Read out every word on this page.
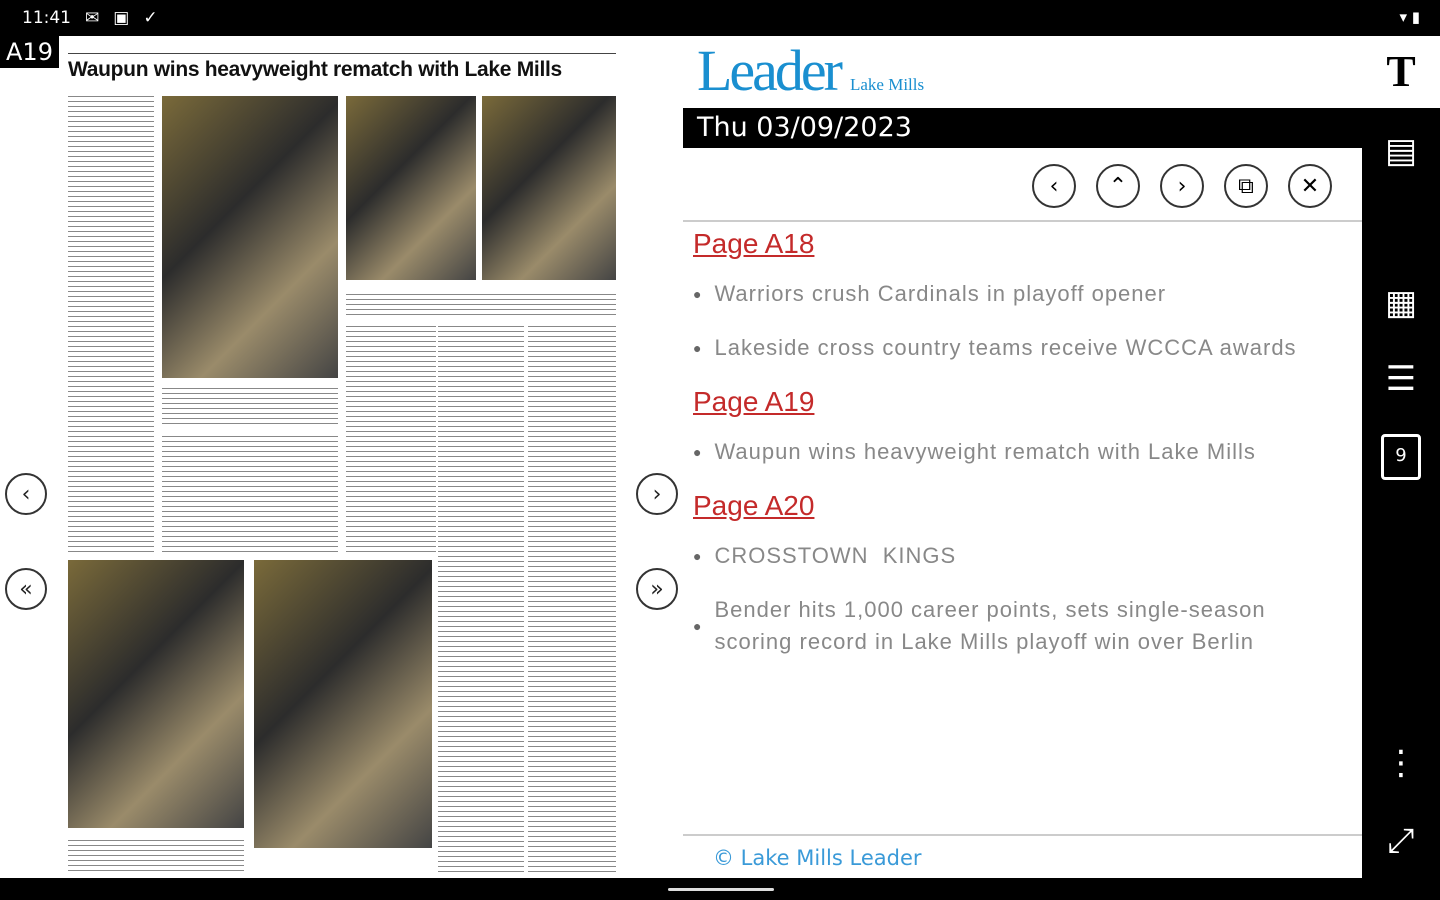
11:41 ✉ ▣ ✓	▾ ▮
A19
Waupun wins heavyweight rematch with Lake Mills
‹
«
›
»
Leader Lake Mills
Thu 03/09/2023
‹	⌃	›	⧉	✕
Page A18
● Warriors crush Cardinals in playoff opener
● Lakeside cross country teams receive WCCCA awards
Page A19
● Waupun wins heavyweight rematch with Lake Mills
Page A20
● CROSSTOWN  KINGS
●
Bender hits 1,000 career points, sets single-season scoring record in Lake Mills playoff win over Berlin
© Lake Mills Leader
T
▤
▦
☰
9
⋮
⤢
